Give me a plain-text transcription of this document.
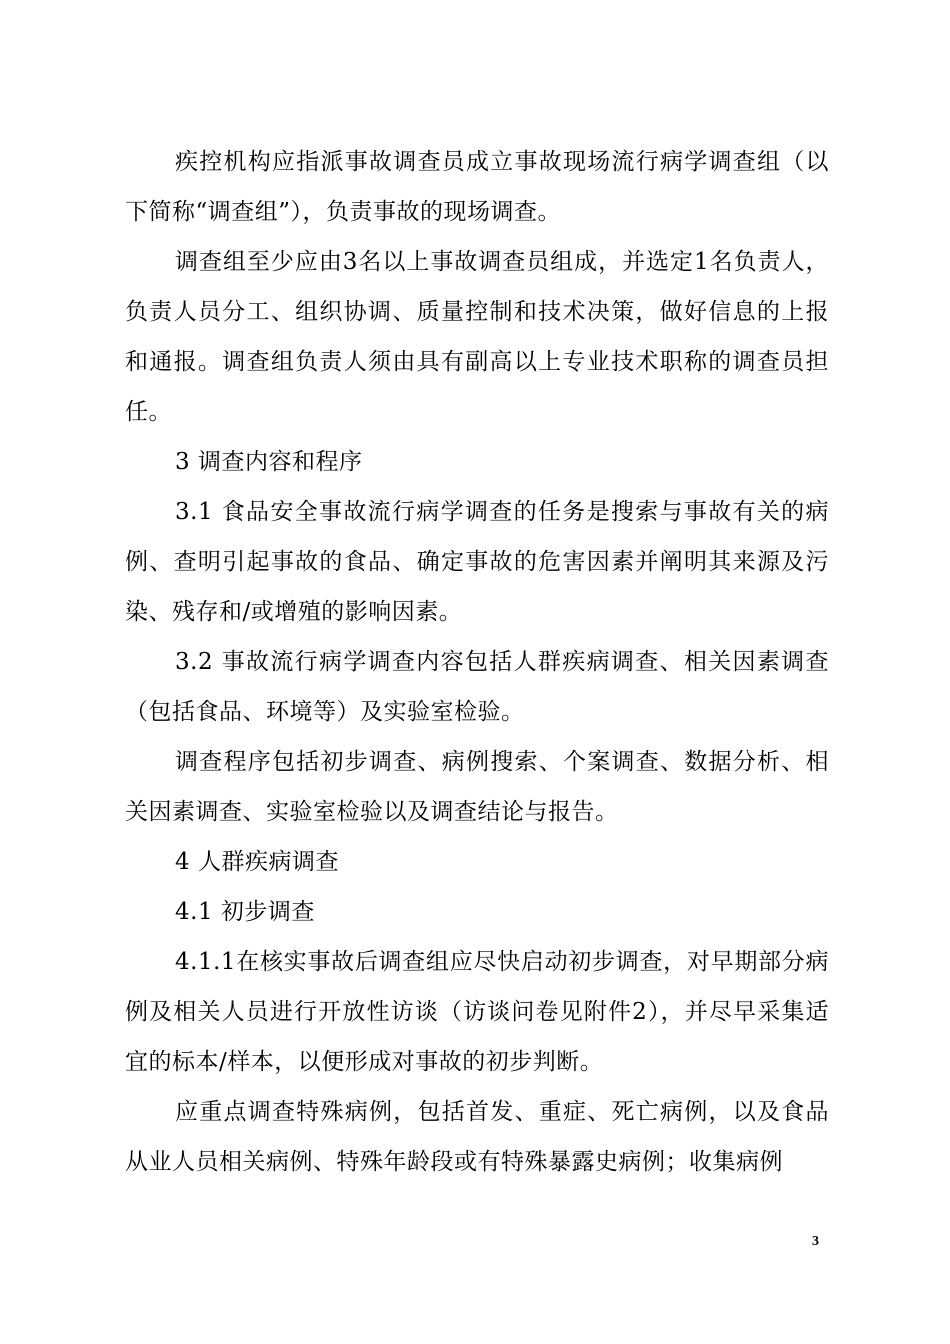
疾控机构应指派事故调查员成立事故现场流行病学调查组（以下简称“调查组”），负责事故的现场调查。

调查组至少应由3名以上事故调查员组成，并选定1名负责人，负责人员分工、组织协调、质量控制和技术决策，做好信息的上报和通报。调查组负责人须由具有副高以上专业技术职称的调查员担任。

3 调查内容和程序

3.1 食品安全事故流行病学调查的任务是搜索与事故有关的病例、查明引起事故的食品、确定事故的危害因素并阐明其来源及污染、残存和/或增殖的影响因素。

3.2 事故流行病学调查内容包括人群疾病调查、相关因素调查（包括食品、环境等）及实验室检验。

调查程序包括初步调查、病例搜索、个案调查、数据分析、相关因素调查、实验室检验以及调查结论与报告。

4 人群疾病调查

4.1 初步调查

4.1.1在核实事故后调查组应尽快启动初步调查，对早期部分病例及相关人员进行开放性访谈（访谈问卷见附件2），并尽早采集适宜的标本/样本，以便形成对事故的初步判断。

应重点调查特殊病例，包括首发、重症、死亡病例，以及食品从业人员相关病例、特殊年龄段或有特殊暴露史病例；收集病例

3
